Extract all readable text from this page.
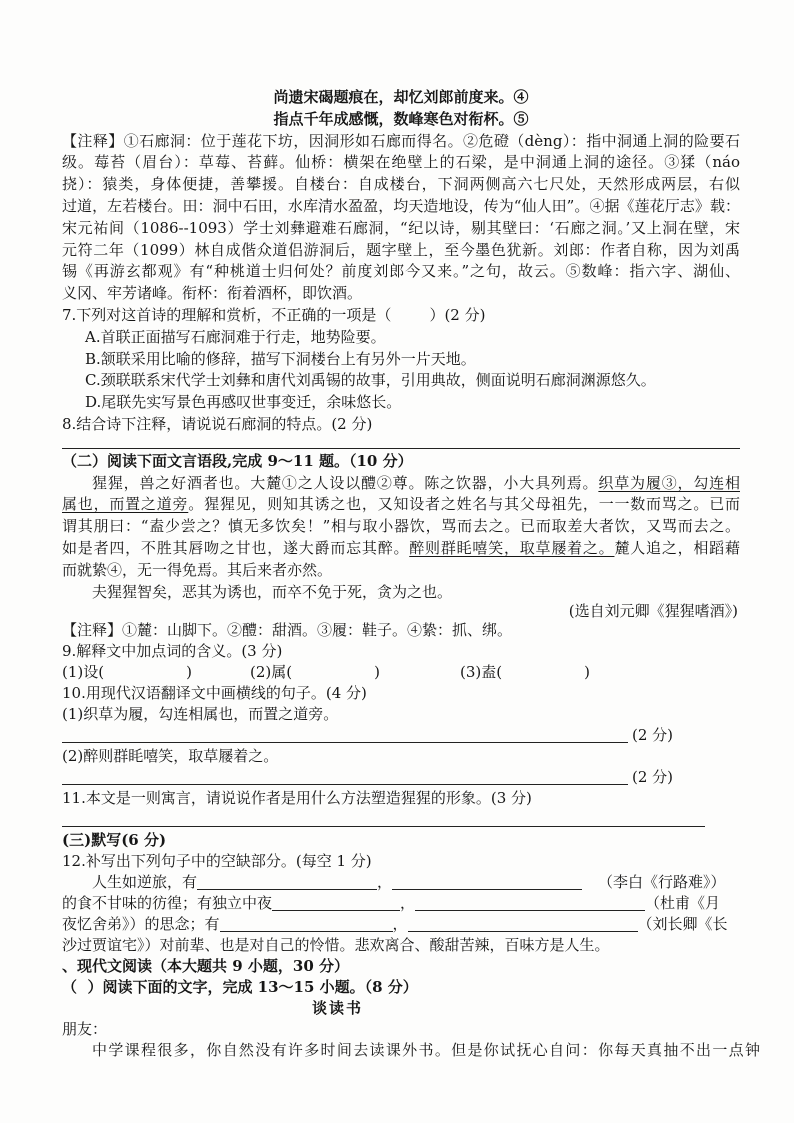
尚遗宋碣题痕在，却忆刘郎前度来。④
指点千年成感慨，数峰寒色对衔杯。⑤
【注释】①石廊洞：位于莲花下坊，因洞形如石廊而得名。②危磴（dèng）：指中洞通上洞的险要石
级。莓苔（眉台）：草莓、苔藓。仙桥：横架在绝壁上的石梁，是中洞通上洞的途径。③猱（náo
挠）：猿类，身体便捷，善攀援。自楼台：自成楼台，下洞两侧高六七尺处，天然形成两层，右似
过道，左若楼台。田：洞中石田，水库清水盈盈，均天造地设，传为“仙人田”。④据《莲花厅志》载：
宋元祐间（1086--1093）学士刘彝避难石廊洞，“纪以诗，剔其壁曰：‘石廊之洞。’又上洞在壁，宋
元符二年（1099）林自成偕众道侣游洞后，题字壁上，至今墨色犹新。刘郎：作者自称，因为刘禹
锡《再游玄都观》有“种桃道士归何处？前度刘郎今又来。”之句，故云。⑤数峰：指六字、湖仙、
义冈、牢芳诸峰。衔杯：衔着酒杯，即饮酒。
7.下列对这首诗的理解和赏析，不正确的一项是（        ）(2 分)
A.首联正面描写石廊洞难于行走，地势险要。
B.颔联采用比喻的修辞，描写下洞楼台上有另外一片天地。
C.颈联联系宋代学士刘彝和唐代刘禹锡的故事，引用典故，侧面说明石廊洞渊源悠久。
D.尾联先实写景色再感叹世事变迁，余味悠长。
8.结合诗下注释，请说说石廊洞的特点。(2 分)
（二）阅读下面文言语段,完成 9～11 题。（10 分）
猩猩，兽之好酒者也。大麓①之人设以醴②尊。陈之饮器，小大具列焉。织草为履③，勾连相
属也，而置之道旁。猩猩见，则知其诱之也，又知设者之姓名与其父母祖先，一一数而骂之。已而
谓其朋曰：“盍少尝之？慎无多饮矣！”相与取小器饮，骂而去之。已而取差大者饮，又骂而去之。
如是者四，不胜其唇吻之甘也，遂大爵而忘其醉。醉则群眊嘻笑，取草屦着之。麓人追之，相蹈藉
而就絷④，无一得免焉。其后来者亦然。
夫猩猩智矣，恶其为诱也，而卒不免于死，贪为之也。
(选自刘元卿《猩猩嗜酒》)
【注释】①麓：山脚下。②醴：甜酒。③履：鞋子。④絷：抓、绑。
9.解释文中加点词的含义。(3 分)
(1)设(	)	(2)属(	)	(3)盍(	)
10.用现代汉语翻译文中画横线的句子。(4 分)
(1)织草为履，勾连相属也，而置之道旁。
(2 分)
(2)醉则群眊嘻笑，取草屦着之。
(2 分)
11.本文是一则寓言，请说说作者是用什么方法塑造猩猩的形象。(3 分)
(三)默写(6 分)
12.补写出下列句子中的空缺部分。(每空 1 分)
人生如逆旅，有	，	（李白《行路难》）
的食不甘味的彷徨；有独立中夜	，	（杜甫《月
夜忆舍弟》）的思念；有	，	（刘长卿《长
沙过贾谊宅》）对前辈、也是对自己的怜惜。悲欢离合、酸甜苦辣，百味方是人生。
、现代文阅读（本大题共 9 小题，30 分）
（  ）阅读下面的文字，完成 13～15 小题。（8 分）
谈读书
朋友：
中学课程很多，你自然没有许多时间去读课外书。但是你试抚心自问：你每天真抽不出一点钟
